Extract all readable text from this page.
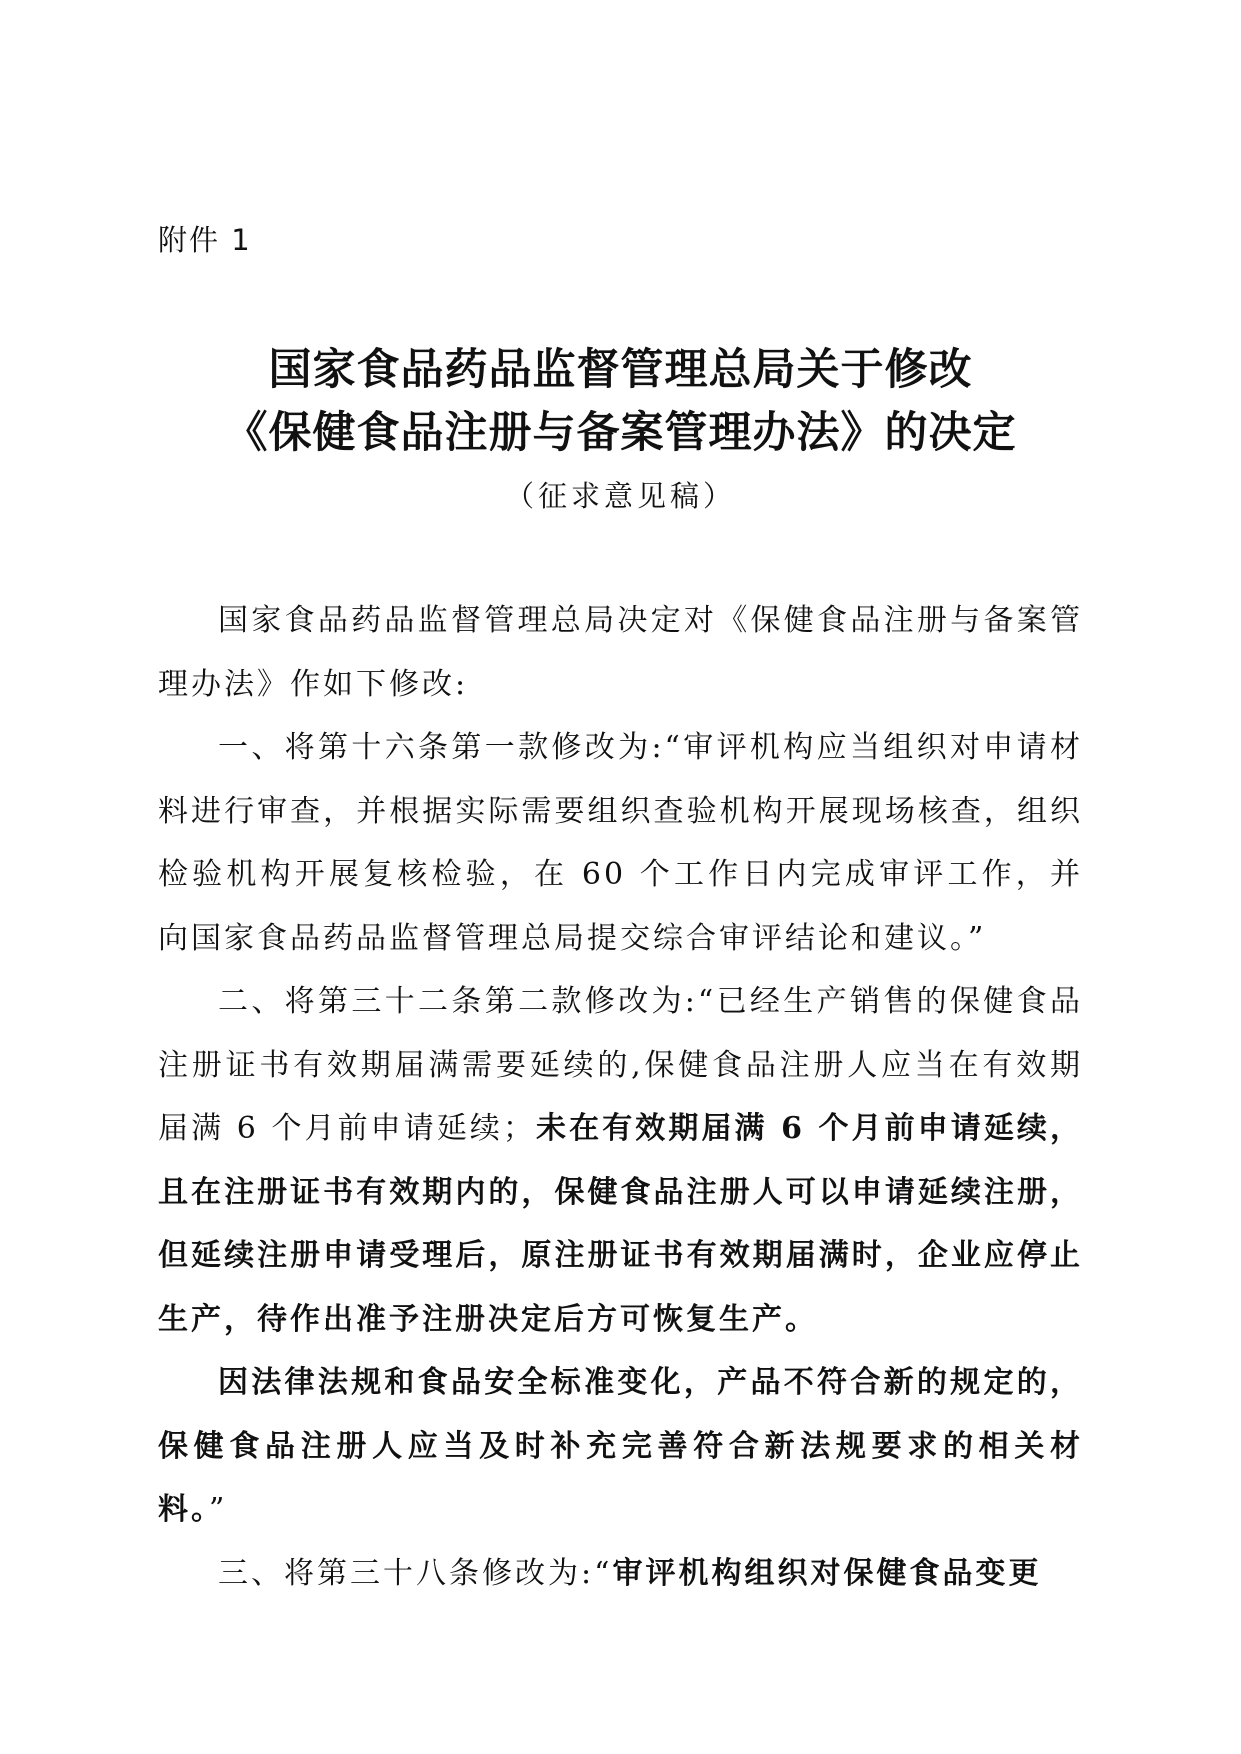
附件 1
国家食品药品监督管理总局关于修改
《保健食品注册与备案管理办法》的决定
（征求意见稿）

国家食品药品监督管理总局决定对《保健食品注册与备案管理办法》作如下修改:

一、将第十六条第一款修改为:“审评机构应当组织对申请材料进行审查，并根据实际需要组织查验机构开展现场核查，组织检验机构开展复核检验，在 60 个工作日内完成审评工作，并向国家食品药品监督管理总局提交综合审评结论和建议。”

二、将第三十二条第二款修改为:“已经生产销售的保健食品注册证书有效期届满需要延续的,保健食品注册人应当在有效期届满 6 个月前申请延续；未在有效期届满 6 个月前申请延续，且在注册证书有效期内的，保健食品注册人可以申请延续注册，但延续注册申请受理后，原注册证书有效期届满时，企业应停止生产，待作出准予注册决定后方可恢复生产。

因法律法规和食品安全标准变化，产品不符合新的规定的，保健食品注册人应当及时补充完善符合新法规要求的相关材料。”

三、将第三十八条修改为:“审评机构组织对保健食品变更
